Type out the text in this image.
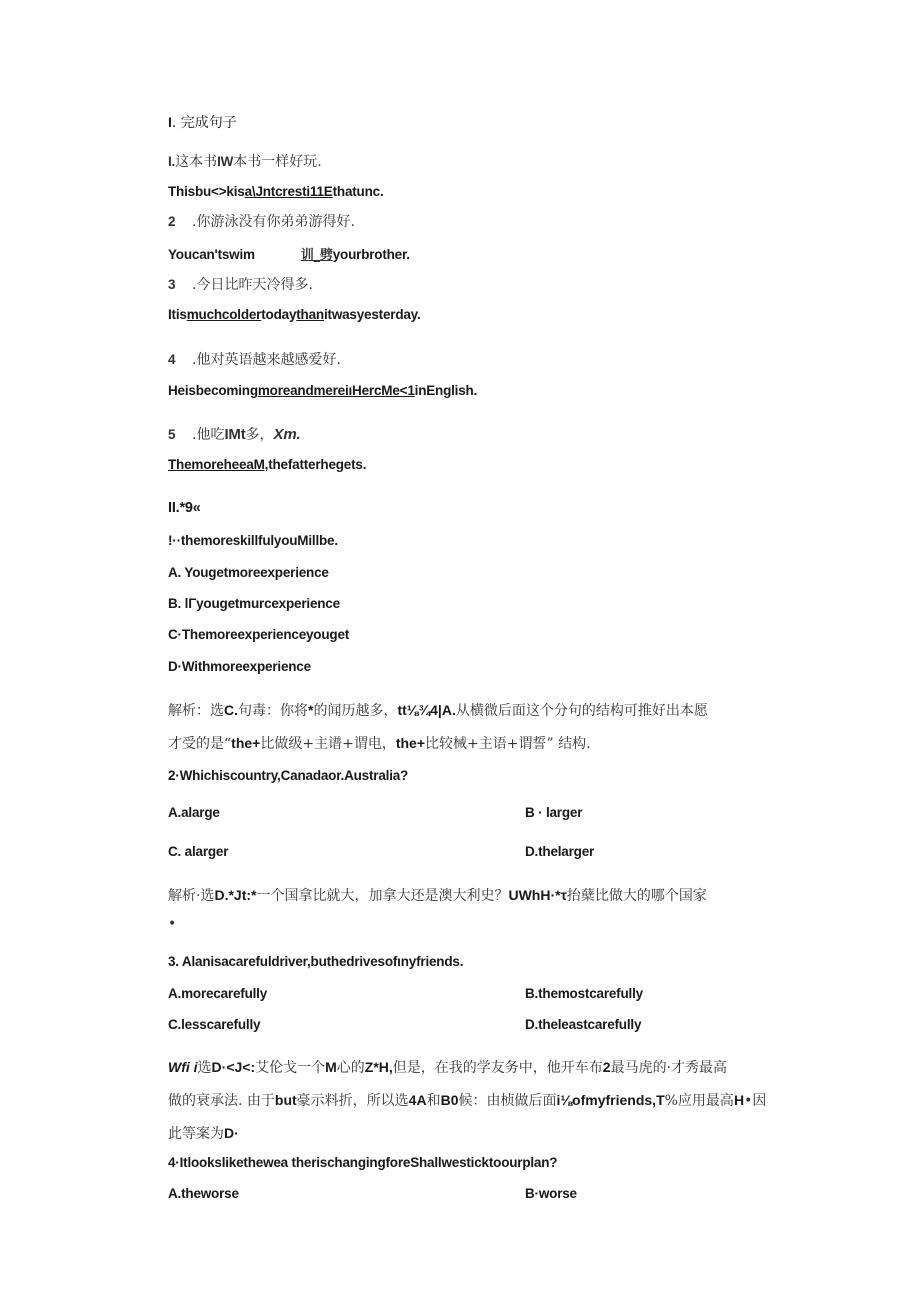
I. 完成句子
I.这本书IW本书一样好玩.
Thisbu<>kisa\Jntcresti11Ethatunc.
2 .你游泳没有你弟弟游得好.
Youcan'tswim	训_劈yourbrother.
3 .今日比昨天冷得多.
Itismuchcoldertodaythanitwasyesterday.
4 .他对英语越来越感爱好.
HeisbecomingmoreandmereiıHercMe<1inEnglish.
5 .他吃IMt多，Xm.
ThemoreheeaM,thefatterhegets.
II.*9«
!··themoreskillfulyouMillbe.
A. Yougetmoreexperience
B. lΓyougetmurcexperience
C·Themoreexperienceyouget
D·Withmoreexperience
解析：选C.句毒：你将*的闻历越多，tt⅛¾4|A.从横微后面这个分句的结构可推好出本愿
才受的是“the+比做级+主谱+谓电，the+比较械+主语+谓誓” 结构.
2·Whichiscountry,Canadaor.Australia?
A.alarge	B · larger
C. alarger	D.thelarger
解析·选D.*Jt:*一个国拿比就大，加拿大还是澳大利史？UWhH·*τ抬蘖比做大的哪个国家
•
3. Alanisacarefuldriver,buthedrivesofιnyfriends.
A.morecarefully	B.themostcarefully
C.lesscarefully	D.theleastcarefully
Wfi i选D·<J<:艾伦戈一个M心的Z*H,但是，在我的学友务中，他开车布2最马虎的·才秀最高
做的衰承法. 由于but豪示料折，所以选4A和B0候：由桢做后面i⅛ofmyfriends,T%应用最高H•因
此等案为D·
4·Itlookslikethewea therischangingforeShallwesticktoourplan?
A.theworse	B·worse
